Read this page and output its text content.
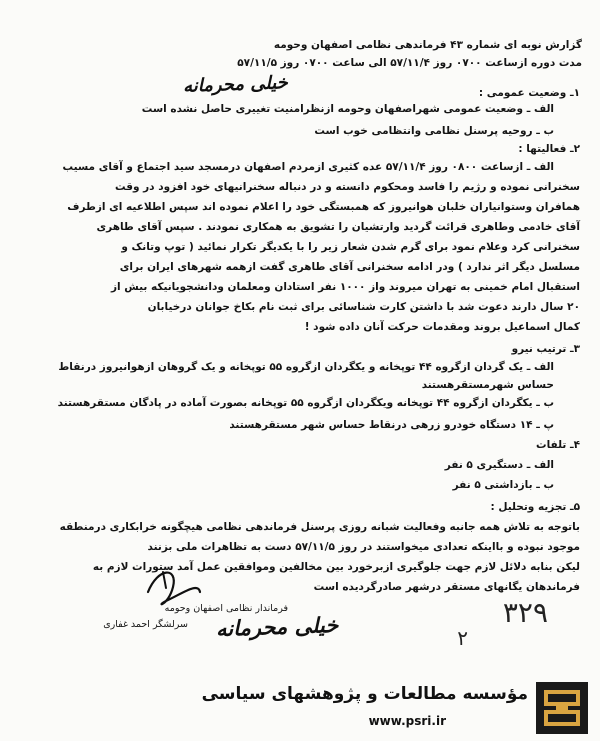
گزارش نوبه ای شماره ۴۳ فرماندهی نظامی اصفهان وحومه
مدت دوره ازساعت ۰۷۰۰ روز ۵۷/۱۱/۴ الی ساعت ۰۷۰۰ روز ۵۷/۱۱/۵
خیلی محرمانه	۱ـ وضعیت عمومی :
الف ـ وضعیت عمومی شهراصفهان وحومه ازنظرامنیت تغییری حاصل نشده است
ب ـ روحیه پرسنل نظامی وانتظامی خوب است
۲ـ فعالیتها :
الف ـ ازساعت ۰۸۰۰ روز ۵۷/۱۱/۴ عده کثیری ازمردم اصفهان درمسجد سید اجتماع و آقای مسیب
سخنرانی نموده و رژیم را فاسد ومحکوم دانسته و در دنباله سخنرانیهای خود افزود در وقت
همافران وستوانیاران خلبان هوانیروز که همبستگی خود را اعلام نموده اند سپس اطلاعیه ای ازطرف
آقای خادمی وطاهری قرائت گردید وارتشیان را تشویق به همکاری نمودند . سپس آقای طاهری
سخنرانی کرد وعلام نمود برای گرم شدن شعار زیر را با یکدیگر تکرار نمائید ( توپ وتانک و
مسلسل دیگر اثر ندارد ) ودر ادامه سخنرانی آقای طاهری گفت ازهمه شهرهای ایران برای
استقبال امام خمینی به تهران میروند واز ۱۰۰۰ نفر استادان ومعلمان ودانشجویانیکه بیش از
۲۰ سال دارند دعوت شد با داشتن کارت شناسائی برای ثبت نام بکاخ جوانان درخیابان
کمال اسماعیل بروند ومقدمات حرکت آنان داده شود !
۳ـ ترتیب نیرو
الف ـ یک گردان ازگروه ۴۴ توپخانه و یکگردان ازگروه ۵۵ توپخانه و یک گروهان ازهوانیروز درنقاط
حساس شهرمستقرهستند
ب ـ یکگردان ازگروه ۴۴ توپخانه ویکگردان ازگروه ۵۵ توپخانه بصورت آماده در پادگان مستقرهستند
پ ـ ۱۴ دستگاه خودرو زرهی درنقاط حساس شهر مستقرهستند
۴ـ تلفات
الف ـ دستگیری ۵ نفر
ب ـ بازداشتی ۵ نفر
۵ـ تجزیه وتحلیل :
باتوجه به تلاش همه جانبه وفعالیت شبانه روزی پرسنل فرماندهی نظامی هیچگونه خرابکاری درمنطقه
موجود نبوده و بااینکه تعدادی میخواستند در روز ۵۷/۱۱/۵ دست به تظاهرات ملی بزنند
لیکن بنابه دلائل لازم جهت جلوگیری ازبرخورد بین مخالفین وموافقین عمل آمد ستورات لازم به
فرماندهان یگانهای مستقر درشهر صادرگردیده است
فرماندار نظامی اصفهان وحومه
سرلشگر احمد غفاری خیلی محرمانه	۳۲۹
۲
مؤسسه مطالعات و پژوهشهای سیاسی
www.psri.ir
